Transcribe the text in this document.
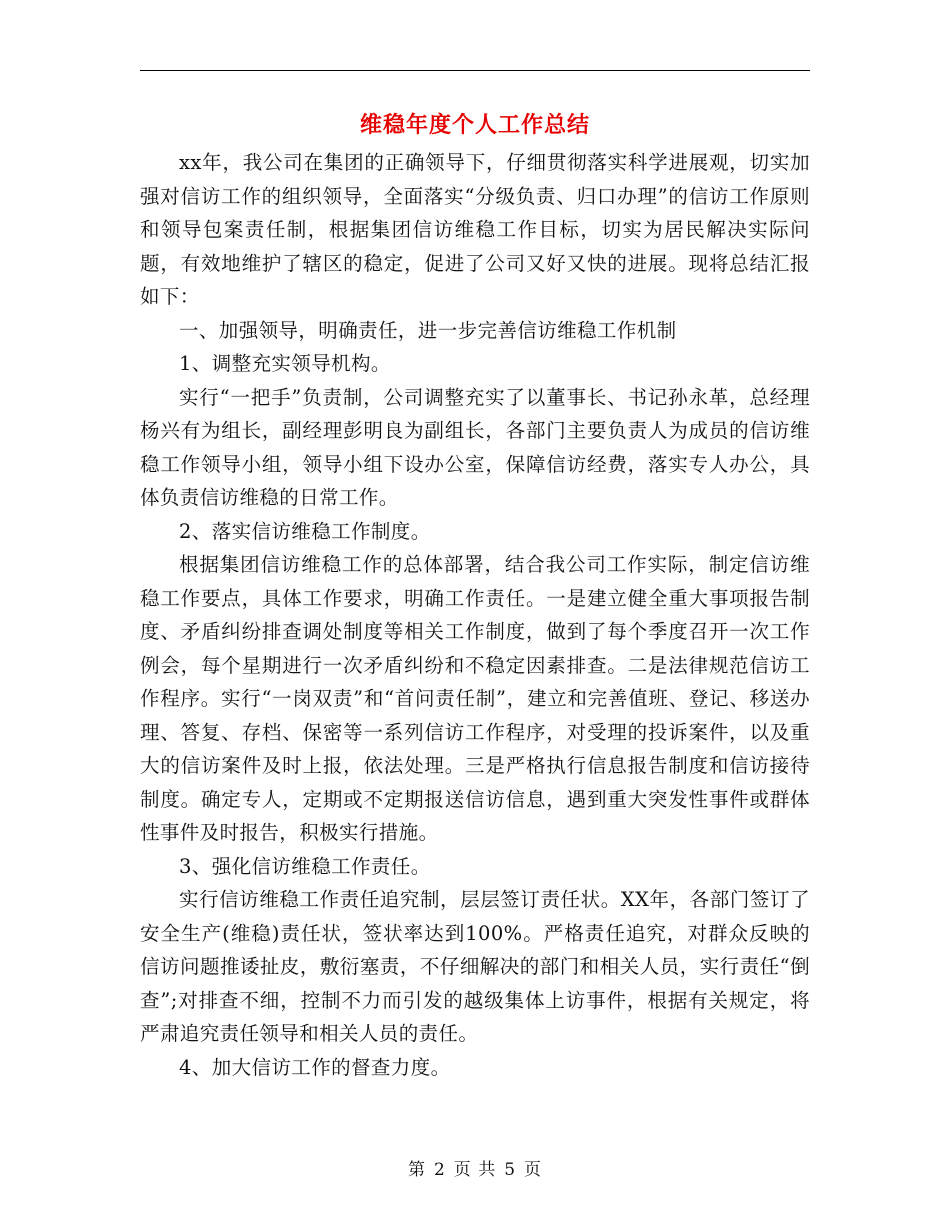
维稳年度个人工作总结

xx年，我公司在集团的正确领导下，仔细贯彻落实科学进展观，切实加强对信访工作的组织领导，全面落实“分级负责、归口办理”的信访工作原则和领导包案责任制，根据集团信访维稳工作目标，切实为居民解决实际问题，有效地维护了辖区的稳定，促进了公司又好又快的进展。现将总结汇报如下：

一、加强领导，明确责任，进一步完善信访维稳工作机制

1、调整充实领导机构。

实行“一把手”负责制，公司调整充实了以董事长、书记孙永革，总经理杨兴有为组长，副经理彭明良为副组长，各部门主要负责人为成员的信访维稳工作领导小组，领导小组下设办公室，保障信访经费，落实专人办公，具体负责信访维稳的日常工作。

2、落实信访维稳工作制度。

根据集团信访维稳工作的总体部署，结合我公司工作实际，制定信访维稳工作要点，具体工作要求，明确工作责任。一是建立健全重大事项报告制度、矛盾纠纷排查调处制度等相关工作制度，做到了每个季度召开一次工作例会，每个星期进行一次矛盾纠纷和不稳定因素排查。二是法律规范信访工作程序。实行“一岗双责”和“首问责任制”，建立和完善值班、登记、移送办理、答复、存档、保密等一系列信访工作程序，对受理的投诉案件，以及重大的信访案件及时上报，依法处理。三是严格执行信息报告制度和信访接待制度。确定专人，定期或不定期报送信访信息，遇到重大突发性事件或群体性事件及时报告，积极实行措施。

3、强化信访维稳工作责任。

实行信访维稳工作责任追究制，层层签订责任状。XX年，各部门签订了安全生产(维稳)责任状，签状率达到100%。严格责任追究，对群众反映的信访问题推诿扯皮，敷衍塞责，不仔细解决的部门和相关人员，实行责任“倒查”;对排查不细，控制不力而引发的越级集体上访事件，根据有关规定，将严肃追究责任领导和相关人员的责任。

4、加大信访工作的督查力度。

第 2 页 共 5 页
